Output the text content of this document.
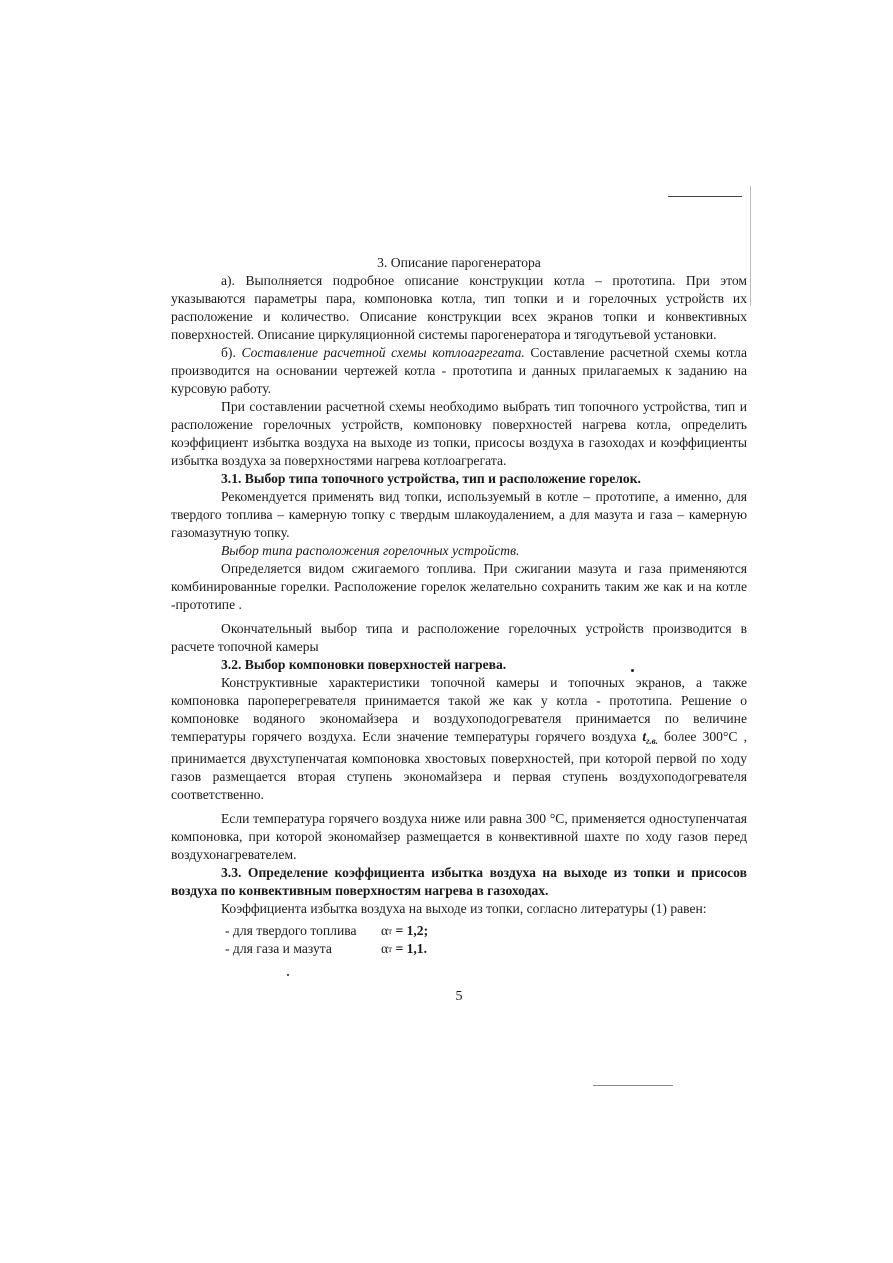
3. Описание парогенератора

а). Выполняется подробное описание конструкции котла – прототипа. При этом указываются параметры пара, компоновка котла, тип топки и и горелочных устройств их расположение и количество. Описание конструкции всех экранов топки и конвективных поверхностей. Описание циркуляционной системы парогенератора и тягодутьевой установки.

б). Составление расчетной схемы котлоагрегата. Составление расчетной схемы котла производится на основании чертежей котла - прототипа и данных прилагаемых к заданию на курсовую работу.

При составлении расчетной схемы необходимо выбрать тип топочного устройства, тип и расположение горелочных устройств, компоновку поверхностей нагрева котла, определить коэффициент избытка воздуха на выходе из топки, присосы воздуха в газоходах и коэффициенты избытка воздуха за поверхностями нагрева котлоагрегата.

3.1. Выбор типа топочного устройства, тип и расположение горелок.

Рекомендуется применять вид топки, используемый в котле – прототипе, а именно, для твердого топлива – камерную топку с твердым шлакоудалением, а для мазута и газа – камерную газомазутную топку.

Выбор типа расположения горелочных устройств.

Определяется видом сжигаемого топлива. При сжигании мазута и газа применяются комбинированные горелки. Расположение горелок желательно сохранить таким же как и на котле -прототипе .

Окончательный выбор типа и расположение горелочных устройств производится в расчете топочной камеры

3.2. Выбор компоновки поверхностей нагрева.

Конструктивные характеристики топочной камеры и топочных экранов, а также компоновка пароперегревателя принимается такой же как у котла - прототипа. Решение о компоновке водяного экономайзера и воздухоподогревателя принимается по величине температуры горячего воздуха. Если значение температуры горячего воздуха $t_{г.в.}$ более 300°C , принимается двухступенчатая компоновка хвостовых поверхностей, при которой первой по ходу газов размещается вторая ступень экономайзера и первая ступень воздухоподогревателя соответственно.

Если температура горячего воздуха ниже или равна 300 °С, применяется одноступенчатая компоновка, при которой экономайзер размещается в конвективной шахте по ходу газов перед воздухонагревателем.

3.3. Определение коэффициента избытка воздуха на выходе из топки и присосов воздуха по конвективным поверхностям нагрева в газоходах.

Коэффициента избытка воздуха на выходе из топки, согласно литературы (1) равен:

- для твердого топлива	α т
= 1,2;
- для газа и мазута	α т
= 1,1.
5
